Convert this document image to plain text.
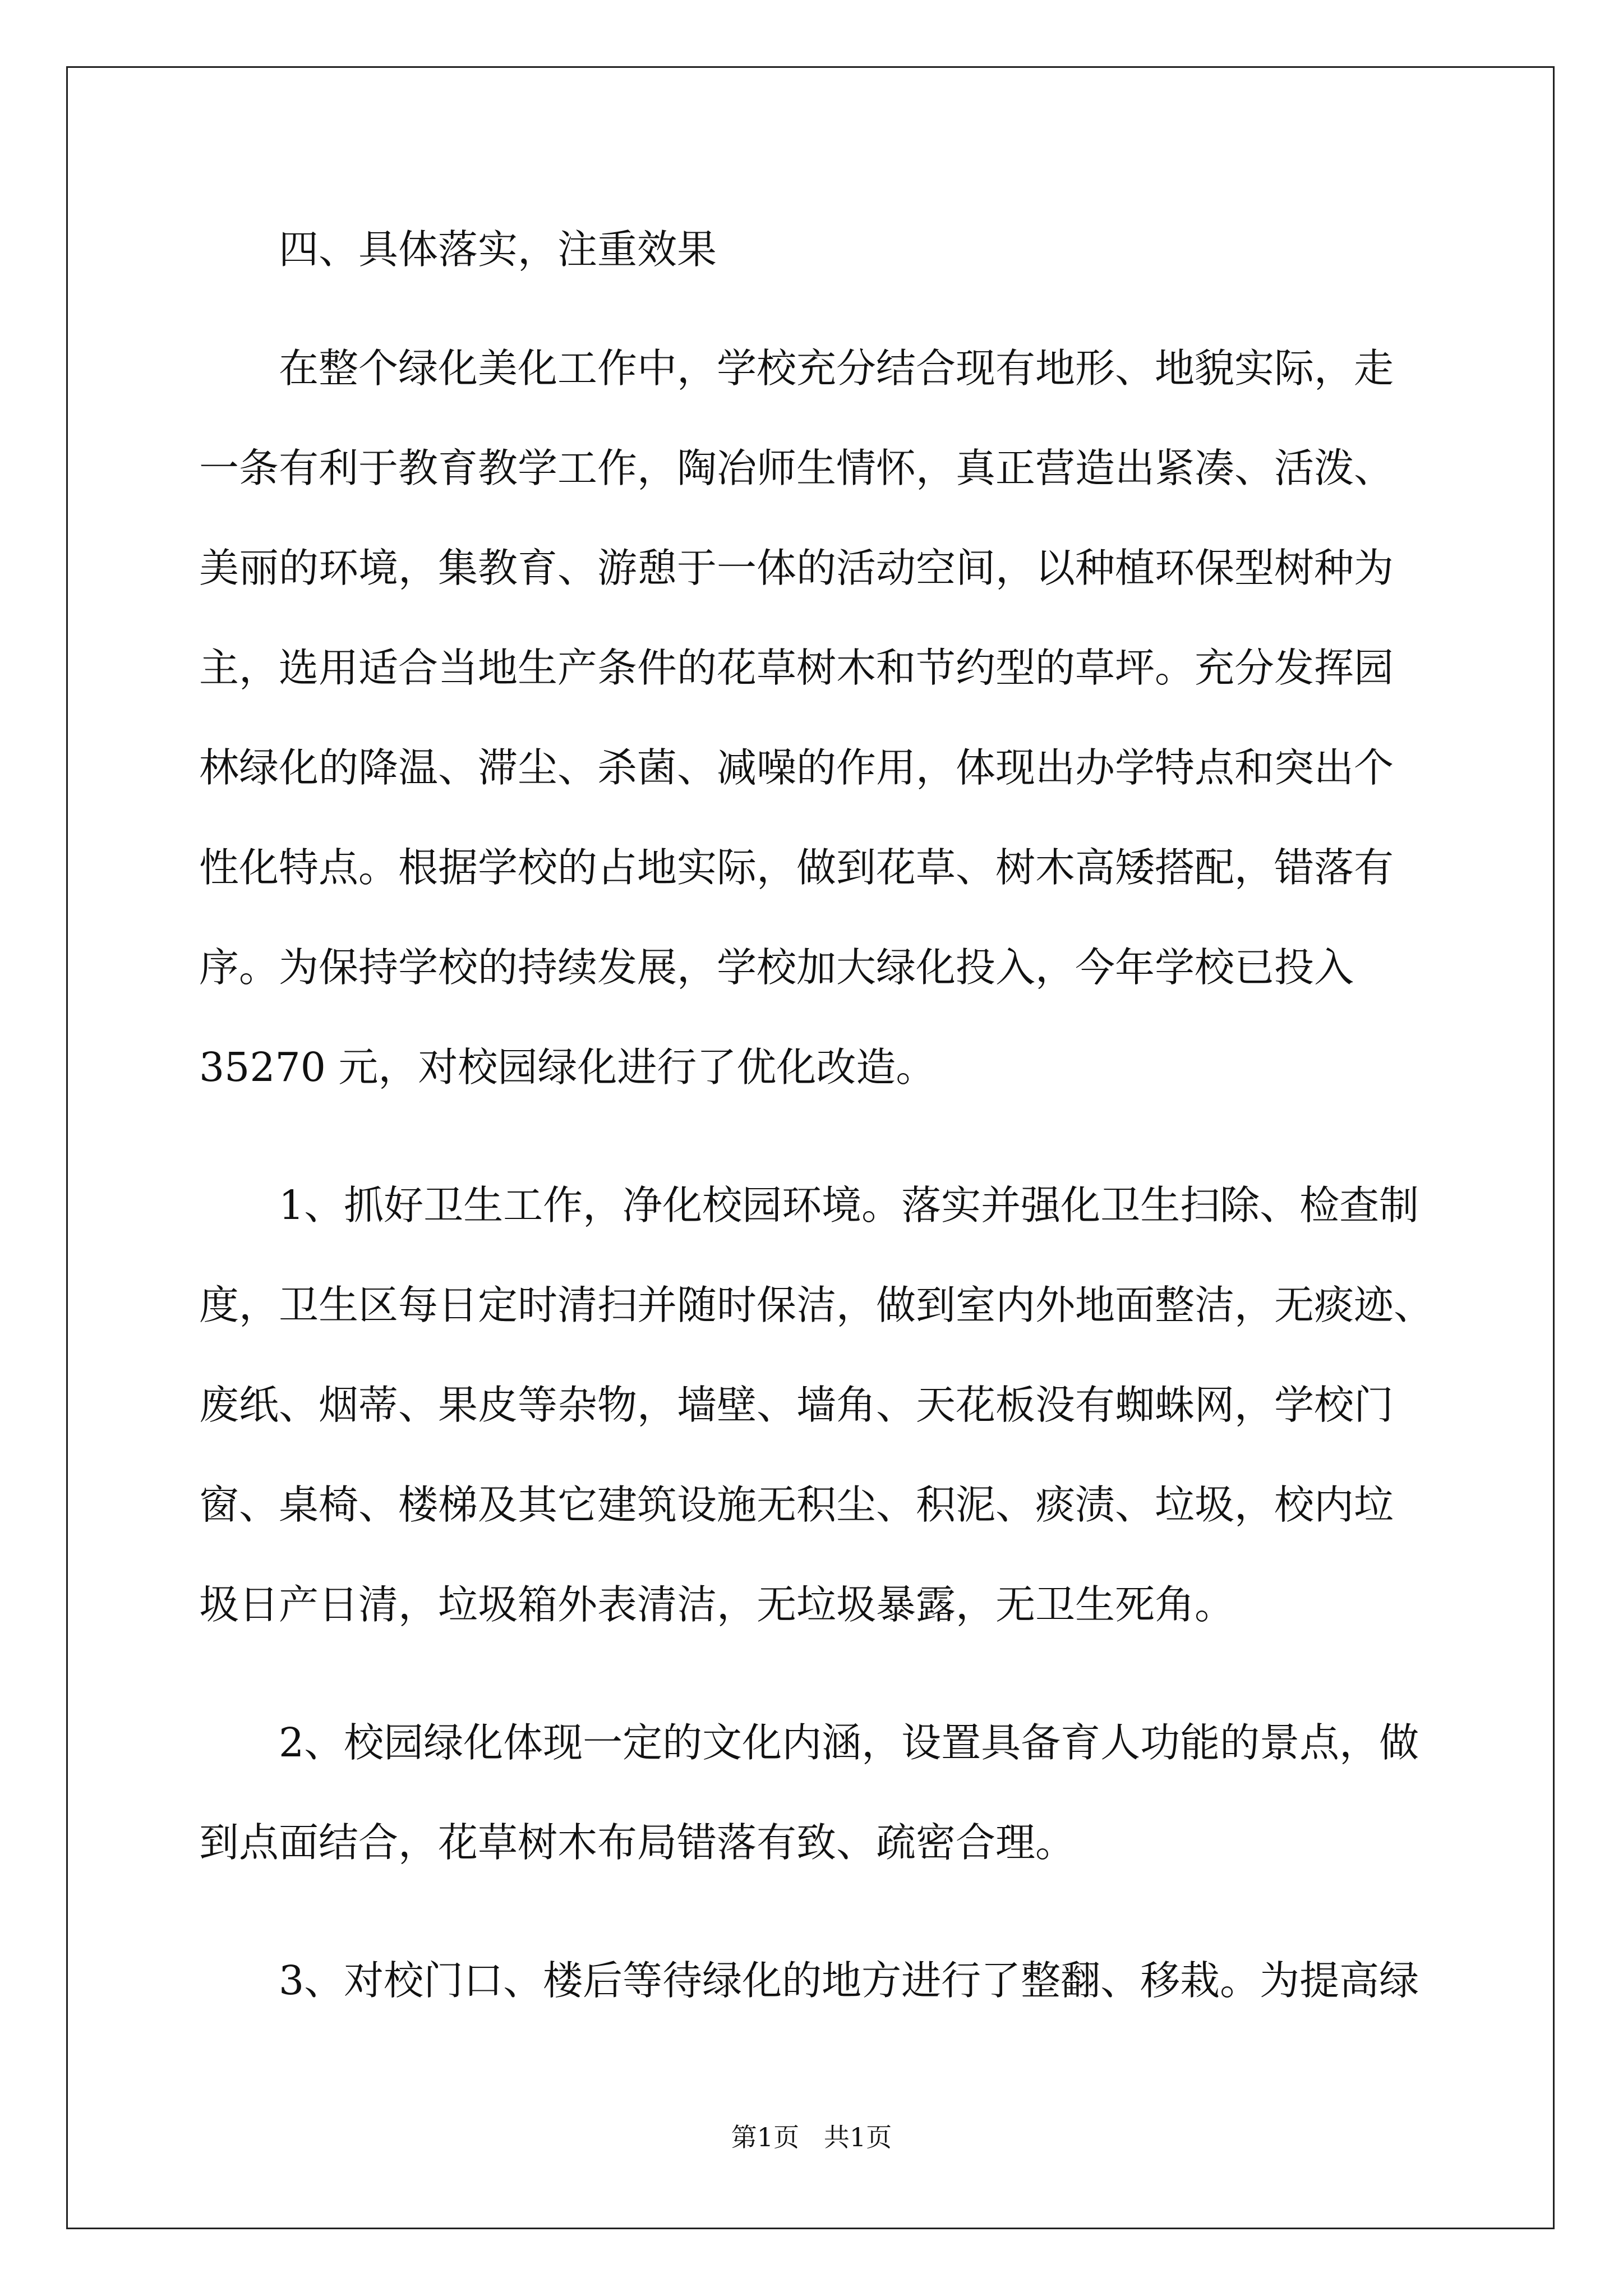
四、具体落实，注重效果
在整个绿化美化工作中，学校充分结合现有地形、地貌实际，走
一条有利于教育教学工作，陶冶师生情怀，真正营造出紧凑、活泼、
美丽的环境，集教育、游憩于一体的活动空间，以种植环保型树种为
主，选用适合当地生产条件的花草树木和节约型的草坪。充分发挥园
林绿化的降温、滞尘、杀菌、减噪的作用，体现出办学特点和突出个
性化特点。根据学校的占地实际，做到花草、树木高矮搭配，错落有
序。为保持学校的持续发展，学校加大绿化投入，今年学校已投入
35270 元，对校园绿化进行了优化改造。
1、抓好卫生工作，净化校园环境。落实并强化卫生扫除、检查制
度，卫生区每日定时清扫并随时保洁，做到室内外地面整洁，无痰迹、
废纸、烟蒂、果皮等杂物，墙壁、墙角、天花板没有蜘蛛网，学校门
窗、桌椅、楼梯及其它建筑设施无积尘、积泥、痰渍、垃圾，校内垃
圾日产日清，垃圾箱外表清洁，无垃圾暴露，无卫生死角。
2、校园绿化体现一定的文化内涵，设置具备育人功能的景点，做
到点面结合，花草树木布局错落有致、疏密合理。
3、对校门口、楼后等待绿化的地方进行了整翻、移栽。为提高绿
第1页   共1页
